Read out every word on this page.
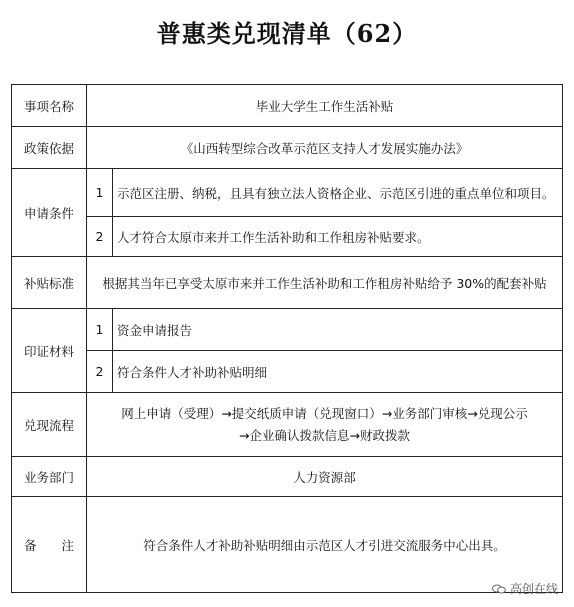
普惠类兑现清单（62）
事项名称	毕业大学生工作生活补贴	
政策依据	《山西转型综合改革示范区支持人才发展实施办法》	
申请条件	1	示范区注册、纳税，且具有独立法人资格企业、示范区引进的重点单位和项目。
	2	人才符合太原市来并工作生活补助和工作租房补贴要求。
补贴标准	根据其当年已享受太原市来并工作生活补助和工作租房补贴给予 30%的配套补贴	
印证材料	1	资金申请报告
	2	符合条件人才补助补贴明细
兑现流程	网上申请（受理）→提交纸质申请（兑现窗口）→业务部门审核→兑现公示
→企业确认拨款信息→财政拨款	

业务部门	人力资源部	
备　　注	符合条件人才补助补贴明细由示范区人才引进交流服务中心出具。	
高创在线
